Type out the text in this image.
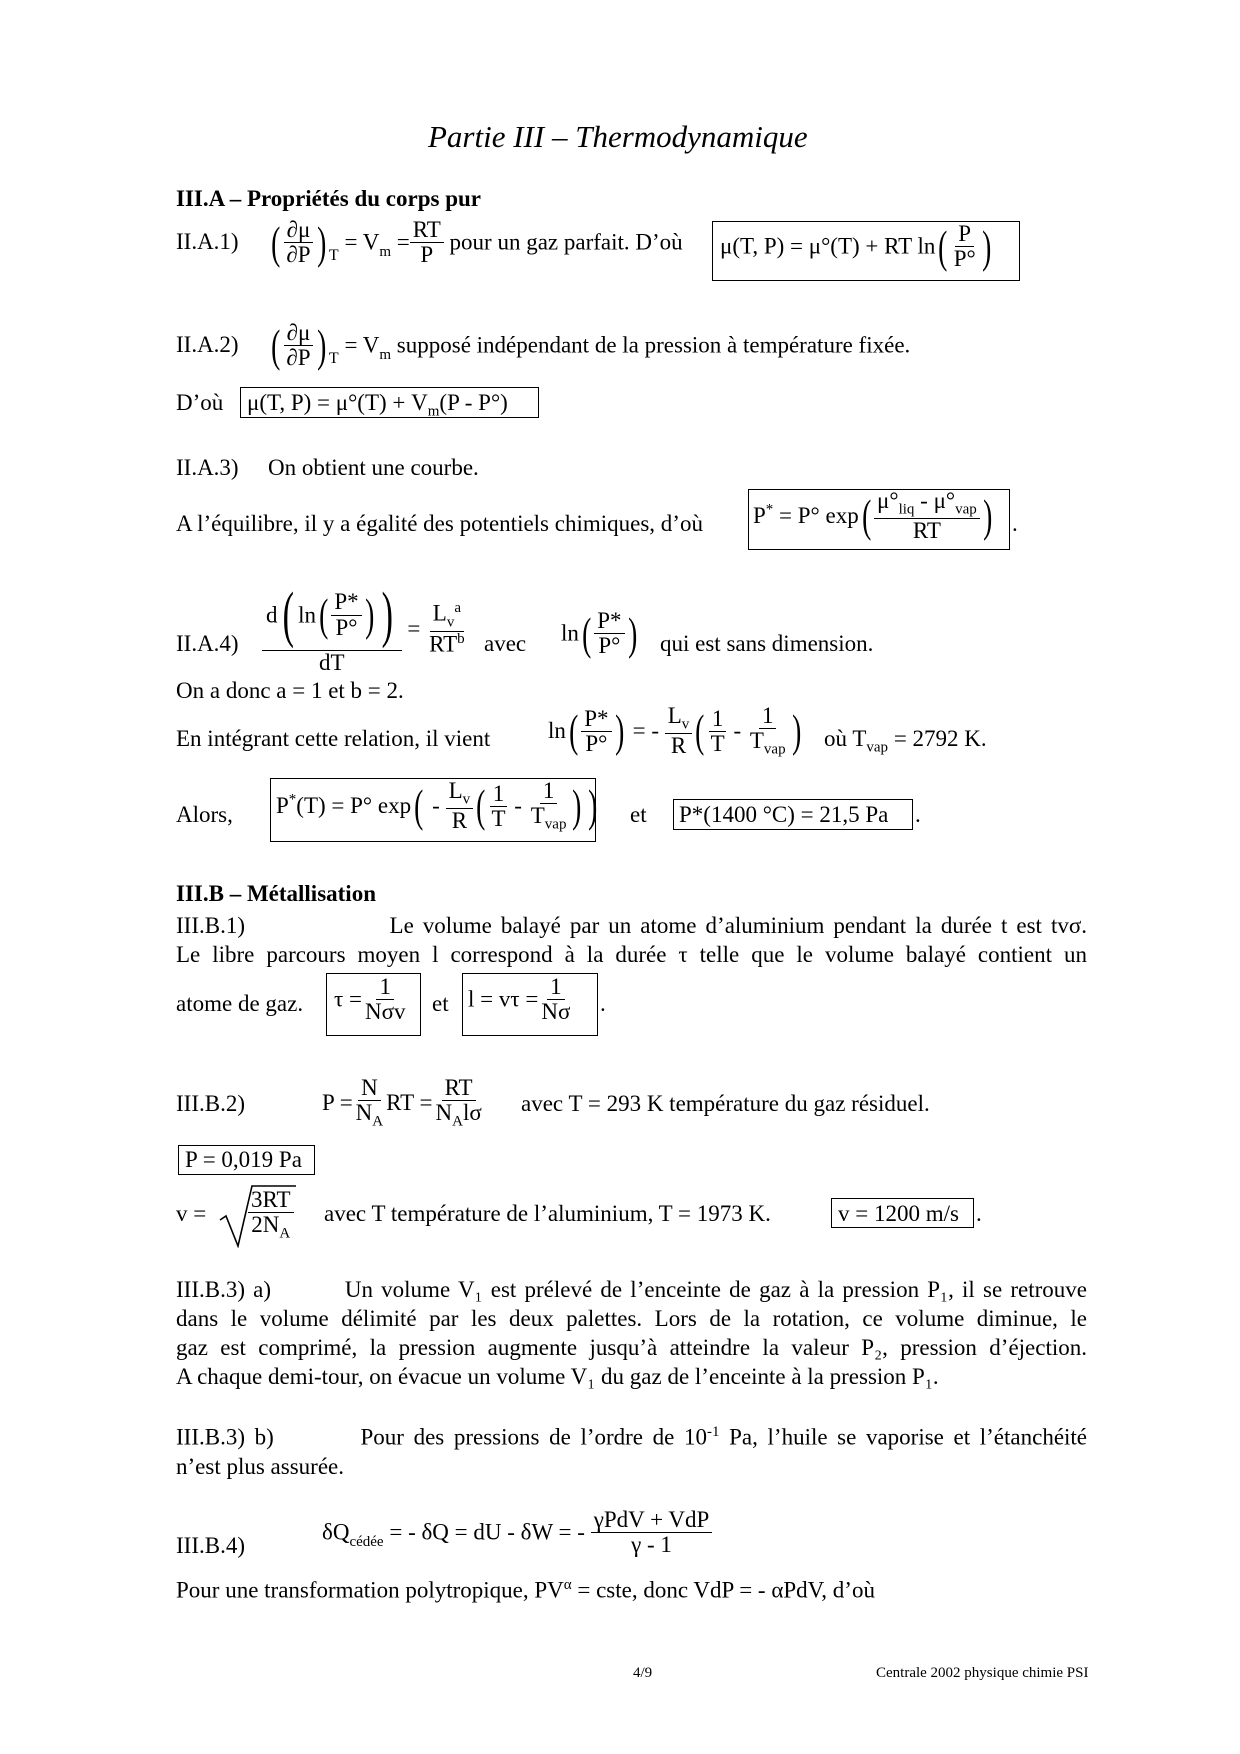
Partie III – Thermodynamique
III.A – Propriétés du corps pur
II.A.1) ( $\frac{\partial\mu}{\partial P}$ ) $_T = V_m = \frac{RT}{P}$ pour un gaz parfait. D’où μ(T, P) = μ°(T) + RT $\ln( \frac{P}{P^\circ}$ )
II.A.2) ( $\frac{\partial\mu}{\partial P}$ ) $_T = V_m$ supposé indépendant de la pression à température fixée.
D’où μ(T, $P) = \mu^\circ(T) + V_m(P - P^\circ)$
II.A.3) On obtient une courbe.
A l’équilibre, il y a égalité des potentiels chimiques, d’où P* = P° $\exp( \frac{\mu^\circ_{liq} - \mu^\circ_{vap}}{RT}$ ) .
$II.A.4) \frac{d( \ln( \frac{P*}{P^\circ} ) )}{dT} = \frac{L_v^a}{RT^b}$ avec $\ln( \frac{P*}{P^\circ}$ ) qui est sans dimension.
On a donc a = 1 et b = 2.
En intégrant cette relation, il vient	$\ln( \frac{P*}{P^\circ}$ ) = - $\frac{L_v}{R}$ ( $\frac{1}{T} - \frac{1}{T_{vap}}$ ) où $T_{vap} = 2792$ K.
Alors, P*(T) = P° $\exp( - \frac{L_v}{R}$ ( $\frac{1}{T} - \frac{1}{T_{vap}}$ ) ) et P*(1400 °C) = 21,5 Pa .
III.B – Métallisation
III.B.1)	Le volume balayé par un atome d’aluminium pendant la durée t est tvσ.
Le libre parcours moyen l correspond à la durée τ telle que le volume balayé contient un
atome de gaz. $\tau = \frac{1}{\text{Nσv}}$ et $l = v\tau = \frac{1}{N\sigma}$ .
III.B.2)	$P = \frac{N}{N_A}$ RT = $\frac{RT}{N_Al\sigma}$ avec T = 293 K température du gaz résiduel.
P = 0,019 Pa
$v = \frac{3RT}{2N_A}$ avec T température de l’aluminium, T = 1973 K.	v = 1200 m/s .
III.B.3) a)	Un volume V₁ est prélevé de l’enceinte de gaz à la pression P₁, il se retrouve
dans le volume délimité par les deux palettes. Lors de la rotation, ce volume diminue, le
gaz est comprimé, la pression augmente jusqu’à atteindre la valeur P₂, pression d’éjection.
A chaque demi-tour, on évacue un volume V₁ du gaz de l’enceinte à la pression P₁.
III.B.3) b)	Pour des pressions de l’ordre de $10^{-1}$ Pa, l’huile se vaporise et l’étanchéité
n’est plus assurée.
III.B.4)
$\delta Q_{cédée}$ = - δQ = dU - δW = - $\frac{\text{γPdV + VdP}}{\gamma - 1}$
Pour une transformation polytropique, $PV^\alpha$ = cste, donc VdP = - αPdV, d’où
4/9	Centrale 2002 physique chimie PSI
